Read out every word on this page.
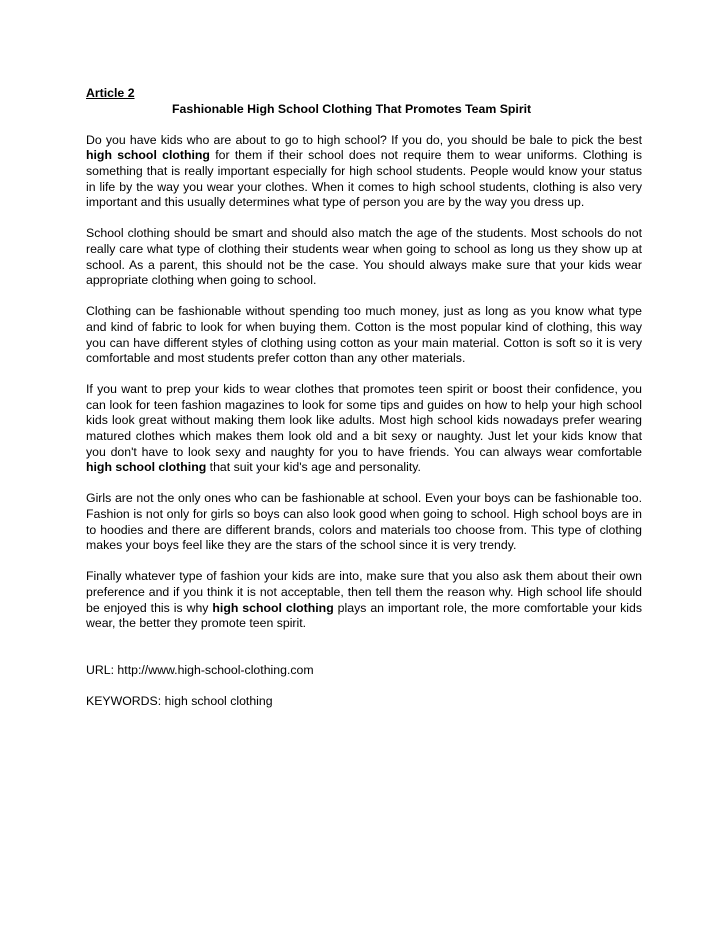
Article 2

Fashionable High School Clothing That Promotes Team Spirit

Do you have kids who are about to go to high school? If you do, you should be bale to pick the best high school clothing for them if their school does not require them to wear uniforms. Clothing is something that is really important especially for high school students. People would know your status in life by the way you wear your clothes. When it comes to high school students, clothing is also very important and this usually determines what type of person you are by the way you dress up.

School clothing should be smart and should also match the age of the students. Most schools do not really care what type of clothing their students wear when going to school as long us they show up at school. As a parent, this should not be the case. You should always make sure that your kids wear appropriate clothing when going to school.

Clothing can be fashionable without spending too much money, just as long as you know what type and kind of fabric to look for when buying them. Cotton is the most popular kind of clothing, this way you can have different styles of clothing using cotton as your main material. Cotton is soft so it is very comfortable and most students prefer cotton than any other materials.

If you want to prep your kids to wear clothes that promotes teen spirit or boost their confidence, you can look for teen fashion magazines to look for some tips and guides on how to help your high school kids look great without making them look like adults. Most high school kids nowadays prefer wearing matured clothes which makes them look old and a bit sexy or naughty. Just let your kids know that you don't have to look sexy and naughty for you to have friends. You can always wear comfortable high school clothing that suit your kid's age and personality.

Girls are not the only ones who can be fashionable at school. Even your boys can be fashionable too. Fashion is not only for girls so boys can also look good when going to school. High school boys are in to hoodies and there are different brands, colors and materials too choose from. This type of clothing makes your boys feel like they are the stars of the school since it is very trendy.

Finally whatever type of fashion your kids are into, make sure that you also ask them about their own preference and if you think it is not acceptable, then tell them the reason why. High school life should be enjoyed this is why high school clothing plays an important role, the more comfortable your kids wear, the better they promote teen spirit.

URL: http://www.high-school-clothing.com

KEYWORDS: high school clothing
